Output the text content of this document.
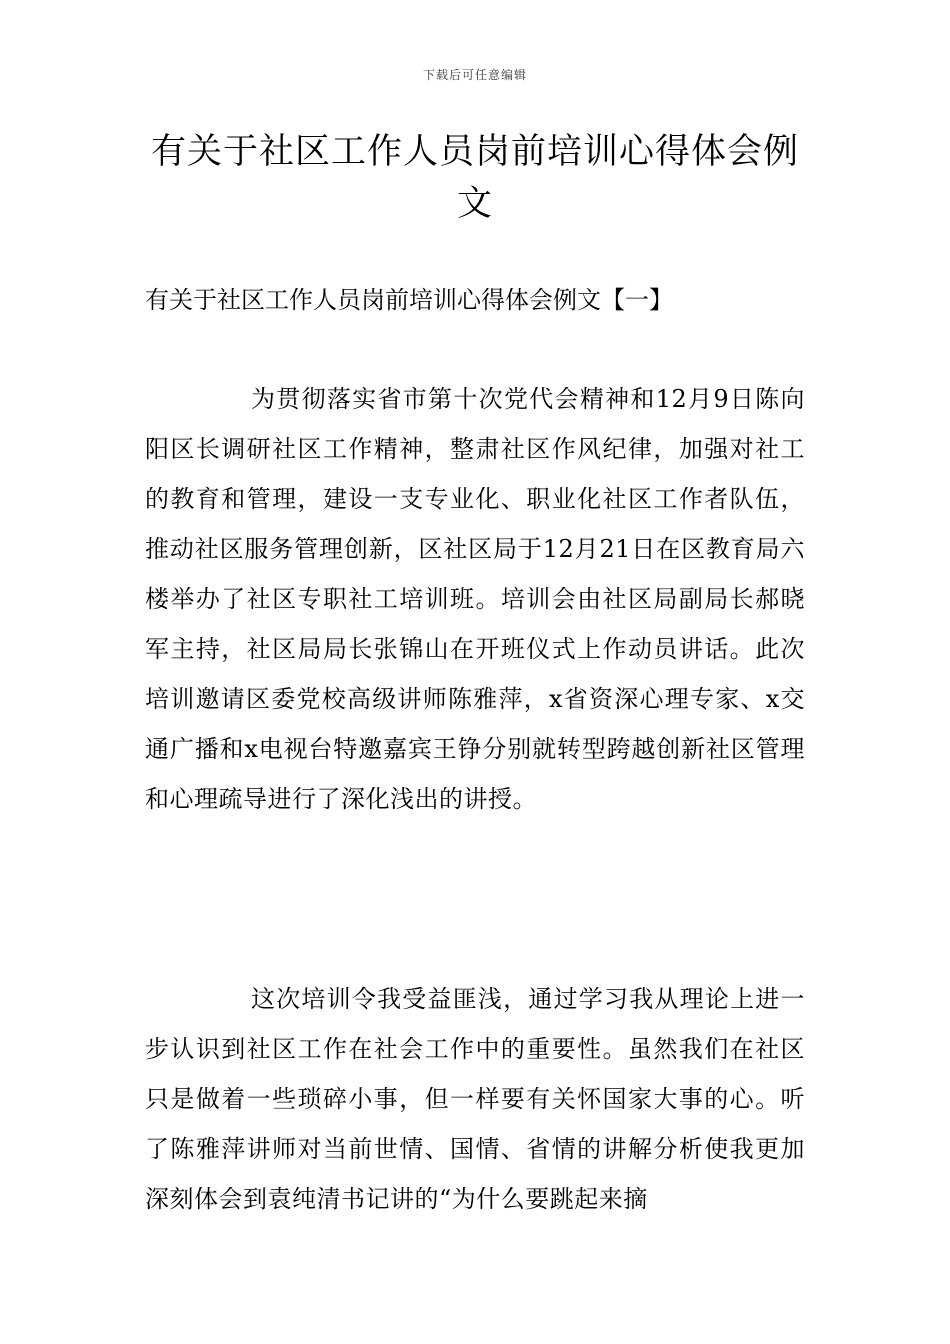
下载后可任意编辑
有关于社区工作人员岗前培训心得体会例文
有关于社区工作人员岗前培训心得体会例文【一】

为贯彻落实省市第十次党代会精神和12月9日陈向阳区长调研社区工作精神，整肃社区作风纪律，加强对社工的教育和管理，建设一支专业化、职业化社区工作者队伍，推动社区服务管理创新，区社区局于12月21日在区教育局六楼举办了社区专职社工培训班。培训会由社区局副局长郝晓军主持，社区局局长张锦山在开班仪式上作动员讲话。此次培训邀请区委党校高级讲师陈雅萍，x省资深心理专家、x交通广播和x电视台特邀嘉宾王铮分别就转型跨越创新社区管理和心理疏导进行了深化浅出的讲授。

这次培训令我受益匪浅，通过学习我从理论上进一步认识到社区工作在社会工作中的重要性。虽然我们在社区只是做着一些琐碎小事，但一样要有关怀国家大事的心。听了陈雅萍讲师对当前世情、国情、省情的讲解分析使我更加深刻体会到袁纯清书记讲的“为什么要跳起来摘
